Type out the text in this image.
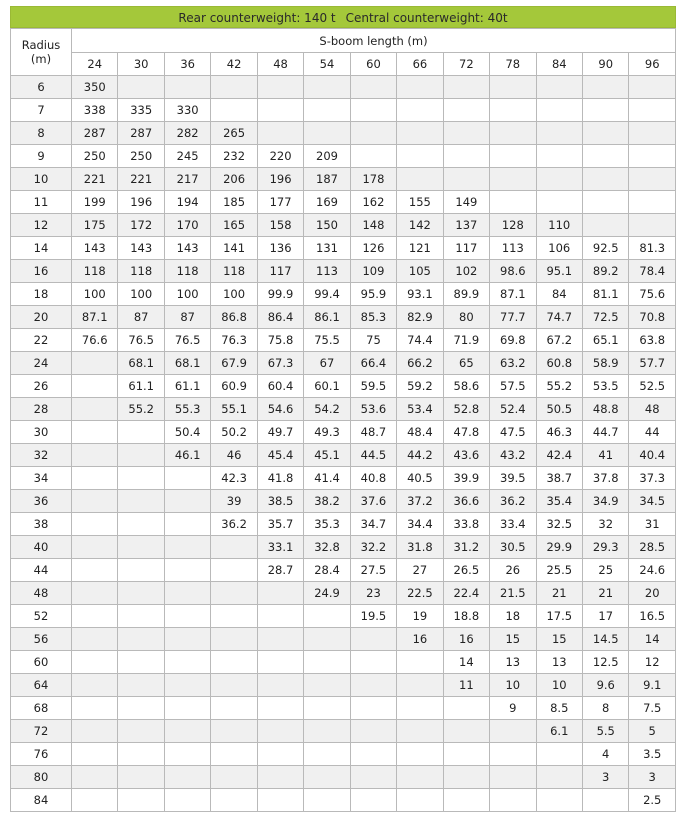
Rear counterweight: 140 t Central counterweight: 40t
Radius
(m)	S-boom length (m)												
	24	30	36	42	48	54	60	66	72	78	84	90	96
6	350												
7	338	335	330										
8	287	287	282	265									
9	250	250	245	232	220	209							
10	221	221	217	206	196	187	178						
11	199	196	194	185	177	169	162	155	149				
12	175	172	170	165	158	150	148	142	137	128	110		
14	143	143	143	141	136	131	126	121	117	113	106	92.5	81.3
16	118	118	118	118	117	113	109	105	102	98.6	95.1	89.2	78.4
18	100	100	100	100	99.9	99.4	95.9	93.1	89.9	87.1	84	81.1	75.6
20	87.1	87	87	86.8	86.4	86.1	85.3	82.9	80	77.7	74.7	72.5	70.8
22	76.6	76.5	76.5	76.3	75.8	75.5	75	74.4	71.9	69.8	67.2	65.1	63.8
24		68.1	68.1	67.9	67.3	67	66.4	66.2	65	63.2	60.8	58.9	57.7
26		61.1	61.1	60.9	60.4	60.1	59.5	59.2	58.6	57.5	55.2	53.5	52.5
28		55.2	55.3	55.1	54.6	54.2	53.6	53.4	52.8	52.4	50.5	48.8	48
30			50.4	50.2	49.7	49.3	48.7	48.4	47.8	47.5	46.3	44.7	44
32			46.1	46	45.4	45.1	44.5	44.2	43.6	43.2	42.4	41	40.4
34				42.3	41.8	41.4	40.8	40.5	39.9	39.5	38.7	37.8	37.3
36				39	38.5	38.2	37.6	37.2	36.6	36.2	35.4	34.9	34.5
38				36.2	35.7	35.3	34.7	34.4	33.8	33.4	32.5	32	31
40					33.1	32.8	32.2	31.8	31.2	30.5	29.9	29.3	28.5
44					28.7	28.4	27.5	27	26.5	26	25.5	25	24.6
48						24.9	23	22.5	22.4	21.5	21	21	20
52							19.5	19	18.8	18	17.5	17	16.5
56								16	16	15	15	14.5	14
60									14	13	13	12.5	12
64									11	10	10	9.6	9.1
68										9	8.5	8	7.5
72											6.1	5.5	5
76												4	3.5
80												3	3
84													2.5
